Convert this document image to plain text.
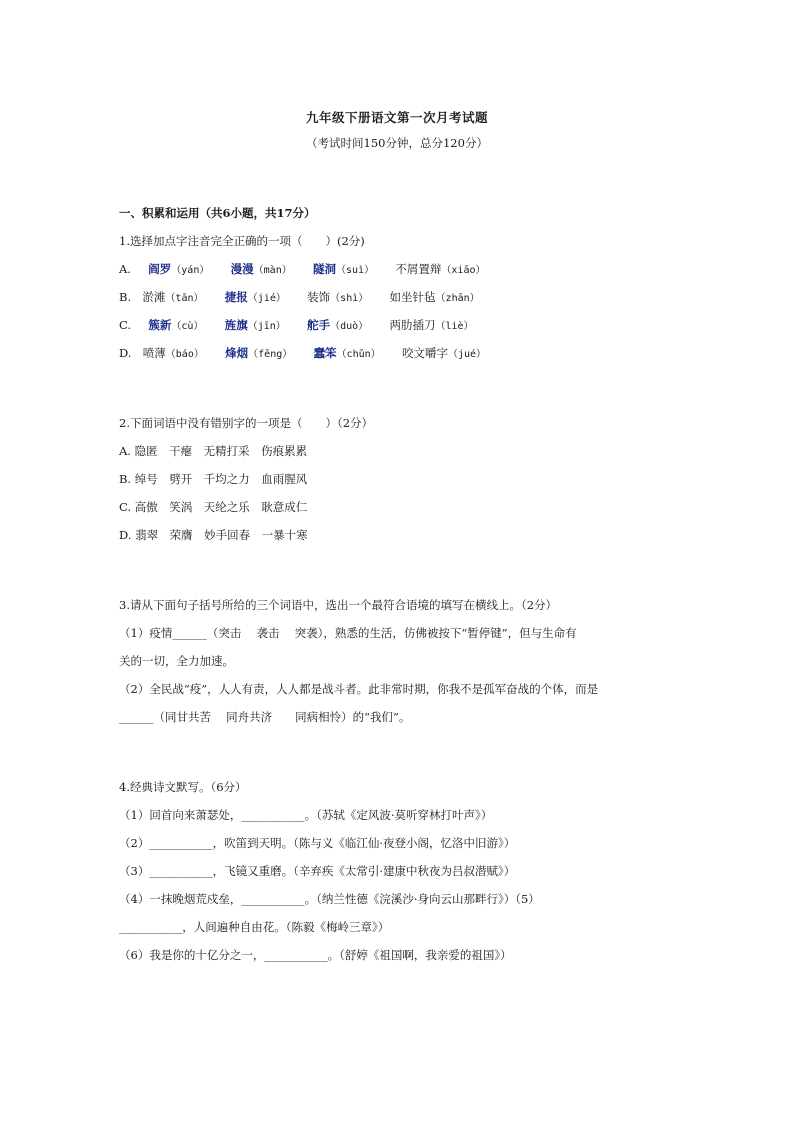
九年级下册语文第一次月考试题
（考试时间150分钟，总分120分）
一、积累和运用（共6小题，共17分）
1.选择加点字注音完全正确的一项（　　）(2分)
A. 阎罗（yán） 漫漫（màn） 隧洞（suì） 不屑置辩（xiāo）
B. 淤滩（tān） 捷报（jié） 装饰（shì） 如坐针毡（zhān）
C. 簇新（cù） 旌旗（jīn） 舵手（duò） 两肋插刀（liè）
D. 喷薄（báo） 烽烟（fēng） 蠢笨（chǔn） 咬文嚼字（jué）
2.下面词语中没有错别字的一项是（　　）（2分）
A. 隐匿　干瘪　无精打采　伤痕累累
B. 绰号　劈开　千均之力　血雨腥风
C. 高傲　笑涡　天纶之乐　耿意成仁
D. 翡翠　荣膺　妙手回春　一暴十寒
3.请从下面句子括号所给的三个词语中，选出一个最符合语境的填写在横线上。（2分）
（1）疫情______（突击　 袭击　 突袭），熟悉的生活，仿佛被按下“暂停键”，但与生命有
关的一切，全力加速。
（2）全民战“疫”，人人有责，人人都是战斗者。此非常时期，你我不是孤军奋战的个体，而是
______（同甘共苦　 同舟共济　　同病相怜）的“我们”。
4.经典诗文默写。（6分）
（1）回首向来萧瑟处，___________。（苏轼《定风波·莫听穿林打叶声》）
（2）___________，吹笛到天明。（陈与义《临江仙·夜登小阁，忆洛中旧游》）
（3）___________，飞镜又重磨。（辛弃疾《太常引·建康中秋夜为吕叔潜赋》）
（4）一抹晚烟荒戍垒，___________。（纳兰性德《浣溪沙·身向云山那畔行》）（5）
___________，人间遍种自由花。（陈毅《梅岭三章》）
（6）我是你的十亿分之一，___________。（舒婷《祖国啊，我亲爱的祖国》）
